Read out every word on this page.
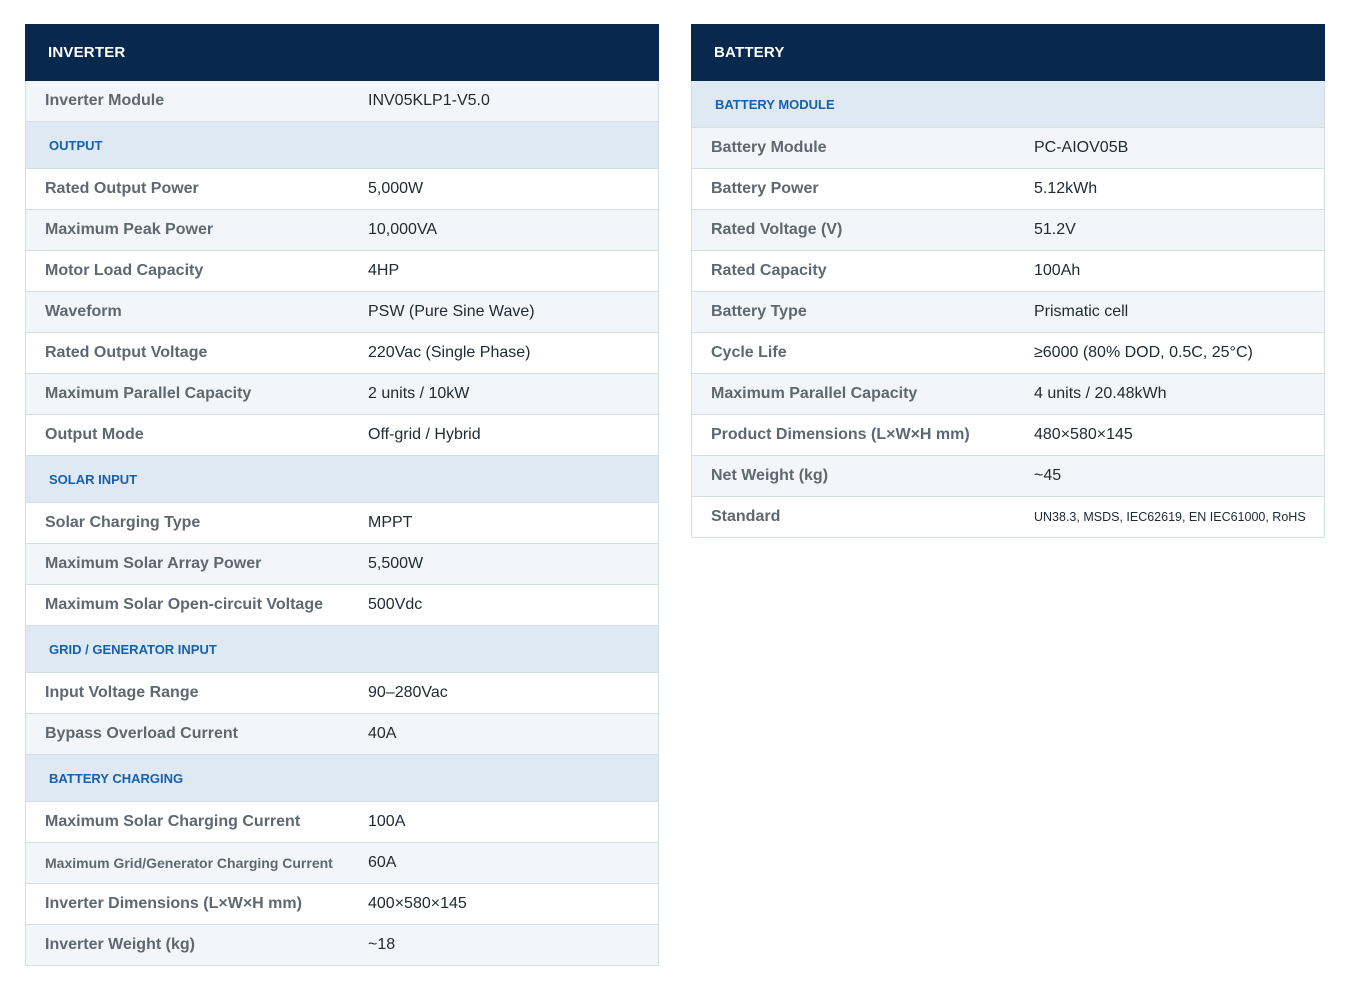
INVERTER
Inverter Module	INV05KLP1-V5.0
OUTPUT
Rated Output Power	5,000W
Maximum Peak Power	10,000VA
Motor Load Capacity	4HP
Waveform	PSW (Pure Sine Wave)
Rated Output Voltage	220Vac (Single Phase)
Maximum Parallel Capacity	2 units / 10kW
Output Mode	Off-grid / Hybrid
SOLAR INPUT
Solar Charging Type	MPPT
Maximum Solar Array Power	5,500W
Maximum Solar Open-circuit Voltage	500Vdc
GRID / GENERATOR INPUT
Input Voltage Range	90–280Vac
Bypass Overload Current	40A
BATTERY CHARGING
Maximum Solar Charging Current	100A
Maximum Grid/Generator Charging Current	60A
Inverter Dimensions (L×W×H mm)	400×580×145
Inverter Weight (kg)	~18
BATTERY
BATTERY MODULE
Battery Module	PC-AIOV05B
Battery Power	5.12kWh
Rated Voltage (V)	51.2V
Rated Capacity	100Ah
Battery Type	Prismatic cell
Cycle Life	≥6000 (80% DOD, 0.5C, 25°C)
Maximum Parallel Capacity	4 units / 20.48kWh
Product Dimensions (L×W×H mm)	480×580×145
Net Weight (kg)	~45
Standard	UN38.3, MSDS, IEC62619, EN IEC61000, RoHS
